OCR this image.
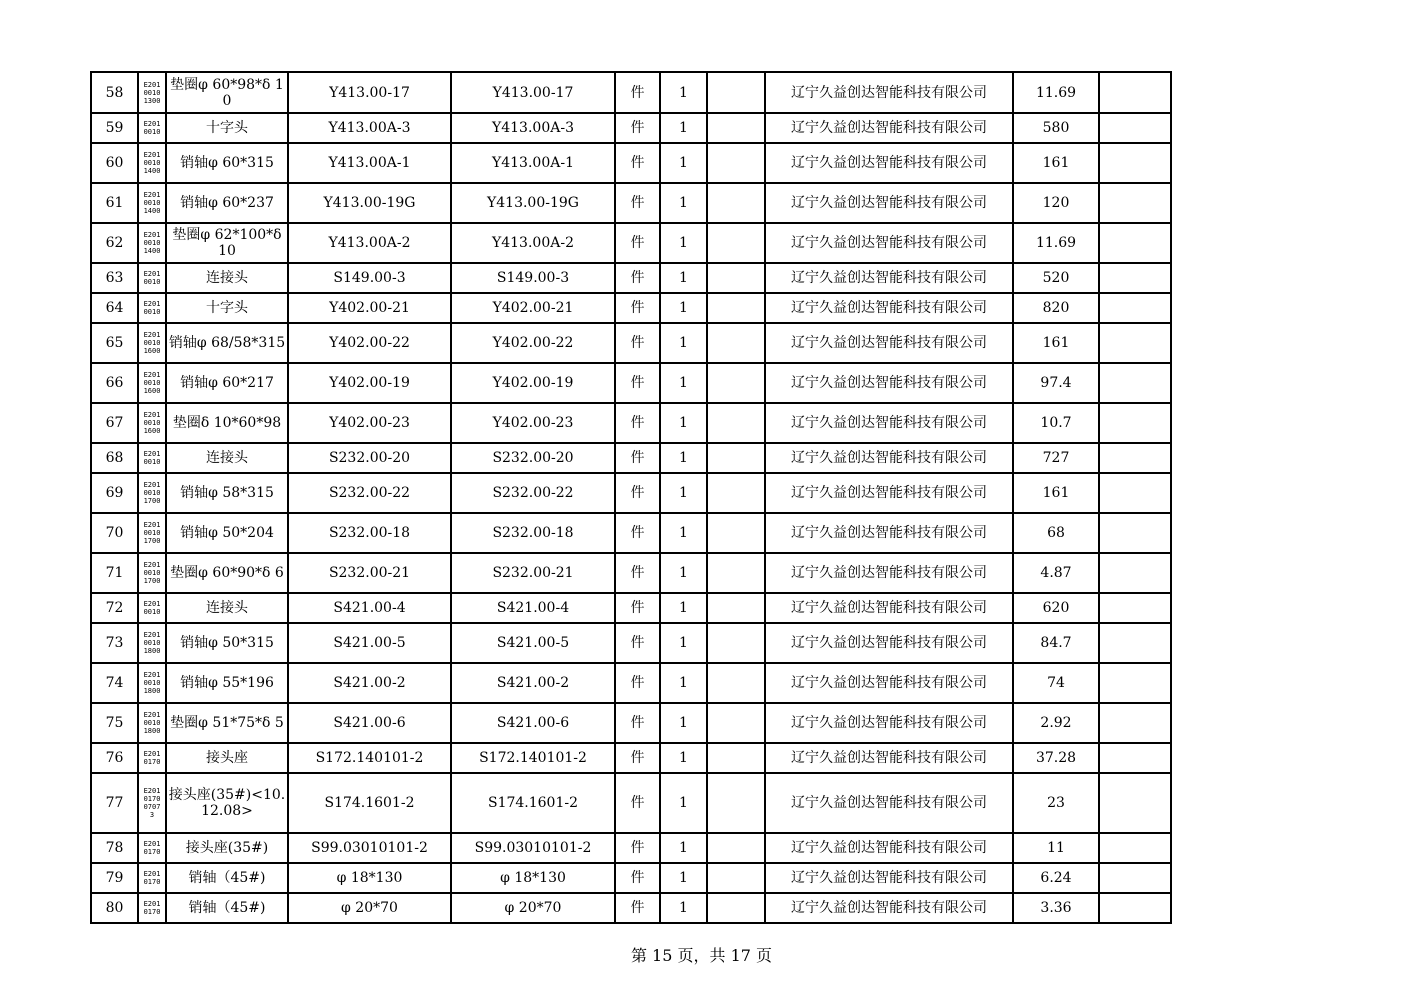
58	E201 0010 1300	垫圈φ 60*98*δ 10	Y413.00-17	Y413.00-17	件	1		辽宁久益创达智能科技有限公司	11.69	
59	E201 0010	十字头	Y413.00A-3	Y413.00A-3	件	1		辽宁久益创达智能科技有限公司	580	
60	E201 0010 1400	销轴φ 60*315	Y413.00A-1	Y413.00A-1	件	1		辽宁久益创达智能科技有限公司	161	
61	E201 0010 1400	销轴φ 60*237	Y413.00-19G	Y413.00-19G	件	1		辽宁久益创达智能科技有限公司	120	
62	E201 0010 1400	垫圈φ 62*100*δ 10	Y413.00A-2	Y413.00A-2	件	1		辽宁久益创达智能科技有限公司	11.69	
63	E201 0010	连接头	S149.00-3	S149.00-3	件	1		辽宁久益创达智能科技有限公司	520	
64	E201 0010	十字头	Y402.00-21	Y402.00-21	件	1		辽宁久益创达智能科技有限公司	820	
65	E201 0010 1600	销轴φ 68/58*315	Y402.00-22	Y402.00-22	件	1		辽宁久益创达智能科技有限公司	161	
66	E201 0010 1600	销轴φ 60*217	Y402.00-19	Y402.00-19	件	1		辽宁久益创达智能科技有限公司	97.4	
67	E201 0010 1600	垫圈δ 10*60*98	Y402.00-23	Y402.00-23	件	1		辽宁久益创达智能科技有限公司	10.7	
68	E201 0010	连接头	S232.00-20	S232.00-20	件	1		辽宁久益创达智能科技有限公司	727	
69	E201 0010 1700	销轴φ 58*315	S232.00-22	S232.00-22	件	1		辽宁久益创达智能科技有限公司	161	
70	E201 0010 1700	销轴φ 50*204	S232.00-18	S232.00-18	件	1		辽宁久益创达智能科技有限公司	68	
71	E201 0010 1700	垫圈φ 60*90*δ 6	S232.00-21	S232.00-21	件	1		辽宁久益创达智能科技有限公司	4.87	
72	E201 0010	连接头	S421.00-4	S421.00-4	件	1		辽宁久益创达智能科技有限公司	620	
73	E201 0010 1800	销轴φ 50*315	S421.00-5	S421.00-5	件	1		辽宁久益创达智能科技有限公司	84.7	
74	E201 0010 1800	销轴φ 55*196	S421.00-2	S421.00-2	件	1		辽宁久益创达智能科技有限公司	74	
75	E201 0010 1800	垫圈φ 51*75*δ 5	S421.00-6	S421.00-6	件	1		辽宁久益创达智能科技有限公司	2.92	
76	E201 0170	接头座	S172.140101-2	S172.140101-2	件	1		辽宁久益创达智能科技有限公司	37.28	
77	E201 0170 0707 3	接头座(35#)<10.12.08>	S174.1601-2	S174.1601-2	件	1		辽宁久益创达智能科技有限公司	23	
78	E201 0170	接头座(35#)	S99.03010101-2	S99.03010101-2	件	1		辽宁久益创达智能科技有限公司	11	
79	E201 0170	销轴（45#)	φ 18*130	φ 18*130	件	1		辽宁久益创达智能科技有限公司	6.24	
80	E201 0170	销轴（45#)	φ 20*70	φ 20*70	件	1		辽宁久益创达智能科技有限公司	3.36	
第 15 页，共 17 页
